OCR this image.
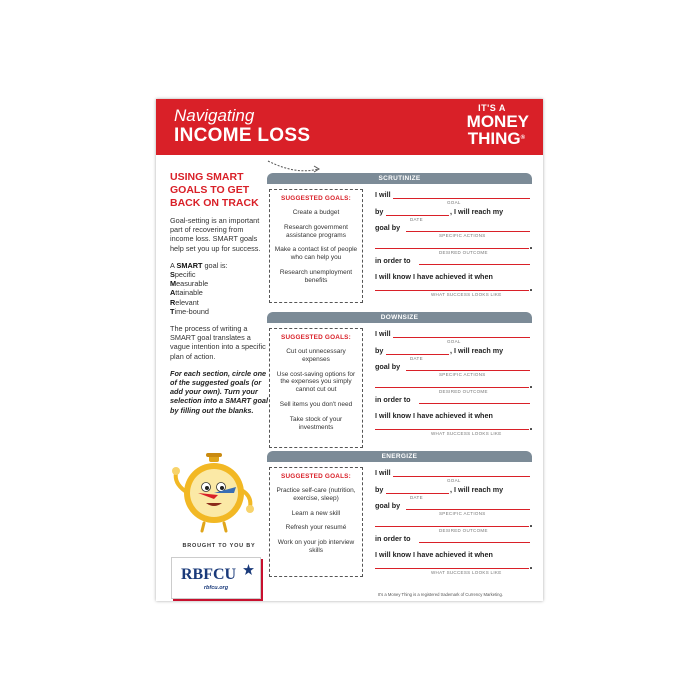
Navigating
INCOME LOSS
IT'S A
MONEY
THING®
USING SMART GOALS TO GET BACK ON TRACK

Goal-setting is an important part of recovering from income loss. SMART goals help set you up for success.

A SMART goal is:
Specific
Measurable
Attainable
Relevant
Time-bound

The process of writing a SMART goal translates a vague intention into a specific plan of action.

For each section, circle one of the suggested goals (or add your own). Turn your selection into a SMART goal by filling out the blanks.

BROUGHT TO YOU BY
RBFCU
rbfcu.org
SCRUTINIZE
SUGGESTED GOALS:
Create a budget
Research government assistance programs
Make a contact list of people who can help you
Research unemployment benefits
I will
GOAL
by	, I will reach my
DATE
goal by
SPECIFIC ACTIONS
DESIRED OUTCOME
in order to
I will know I have achieved it when
WHAT SUCCESS LOOKS LIKE
DOWNSIZE
SUGGESTED GOALS:
Cut out unnecessary expenses
Use cost-saving options for the expenses you simply cannot cut out
Sell items you don't need
Take stock of your investments
I will
GOAL
by	, I will reach my
DATE
goal by
SPECIFIC ACTIONS
DESIRED OUTCOME
in order to
I will know I have achieved it when
WHAT SUCCESS LOOKS LIKE
ENERGIZE
SUGGESTED GOALS:
Practice self-care (nutrition, exercise, sleep)
Learn a new skill
Refresh your resumé
Work on your job interview skills
I will
GOAL
by	, I will reach my
DATE
goal by
SPECIFIC ACTIONS
DESIRED OUTCOME
in order to
I will know I have achieved it when
WHAT SUCCESS LOOKS LIKE
It's a Money Thing is a registered trademark of Currency Marketing.
